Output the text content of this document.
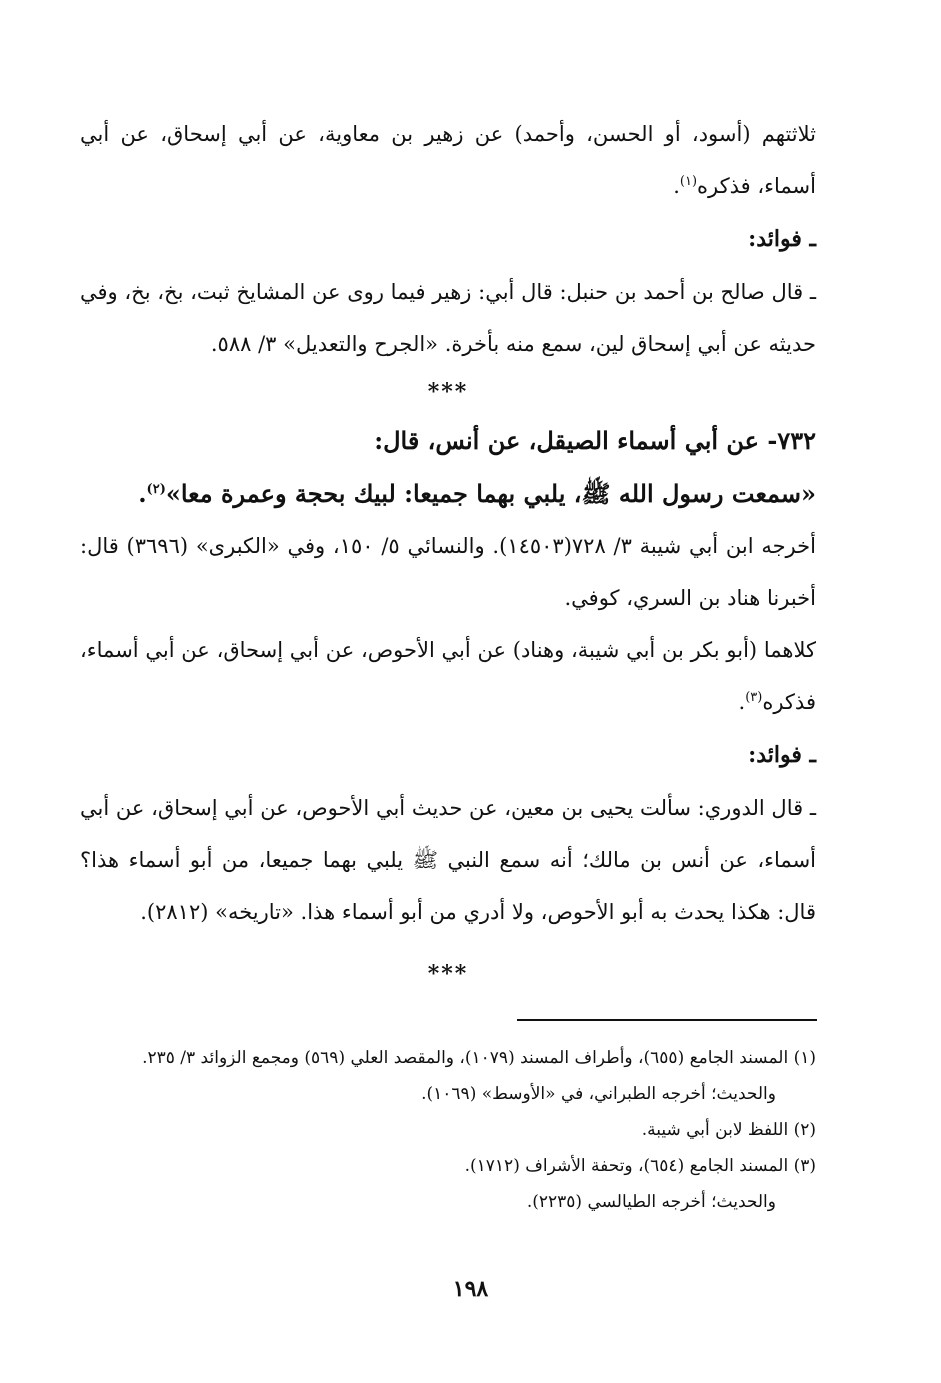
ثلاثتهم (أسود، أو الحسن، وأحمد) عن زهير بن معاوية، عن أبي إسحاق، عن أبي أسماء، فذكره$^{(١)}$.

ـ فوائد:

ـ قال صالح بن أحمد بن حنبل: قال أبي: زهير فيما روى عن المشايخ ثبت، بخ، بخ، وفي حديثه عن أبي إسحاق لين، سمع منه بأخرة. «الجرح والتعديل» ٣/ ٥٨٨.

***

٧٣٢- عن أبي أسماء الصيقل، عن أنس، قال:

«سمعت رسول الله ﷺ، يلبي بهما جميعا: لبيك بحجة وعمرة معا»$^{(٢)}$.

أخرجه ابن أبي شيبة ٣/ ٧٢٨(١٤٥٠٣). والنسائي ٥/ ١٥٠، وفي «الكبرى» (٣٦٩٦) قال: أخبرنا هناد بن السري، كوفي.

كلاهما (أبو بكر بن أبي شيبة، وهناد) عن أبي الأحوص، عن أبي إسحاق، عن أبي أسماء، فذكره$^{(٣)}$.

ـ فوائد:

ـ قال الدوري: سألت يحيى بن معين، عن حديث أبي الأحوص، عن أبي إسحاق، عن أبي أسماء، عن أنس بن مالك؛ أنه سمع النبي ﷺ يلبي بهما جميعا، من أبو أسماء هذا؟ قال: هكذا يحدث به أبو الأحوص، ولا أدري من أبو أسماء هذا. «تاريخه» (٢٨١٢).

***

(١) المسند الجامع (٦٥٥)، وأطراف المسند (١٠٧٩)، والمقصد العلي (٥٦٩) ومجمع الزوائد ٣/ ٢٣٥.

والحديث؛ أخرجه الطبراني، في «الأوسط» (١٠٦٩).

(٢) اللفظ لابن أبي شيبة.

(٣) المسند الجامع (٦٥٤)، وتحفة الأشراف (١٧١٢).

والحديث؛ أخرجه الطيالسي (٢٢٣٥).

١٩٨
